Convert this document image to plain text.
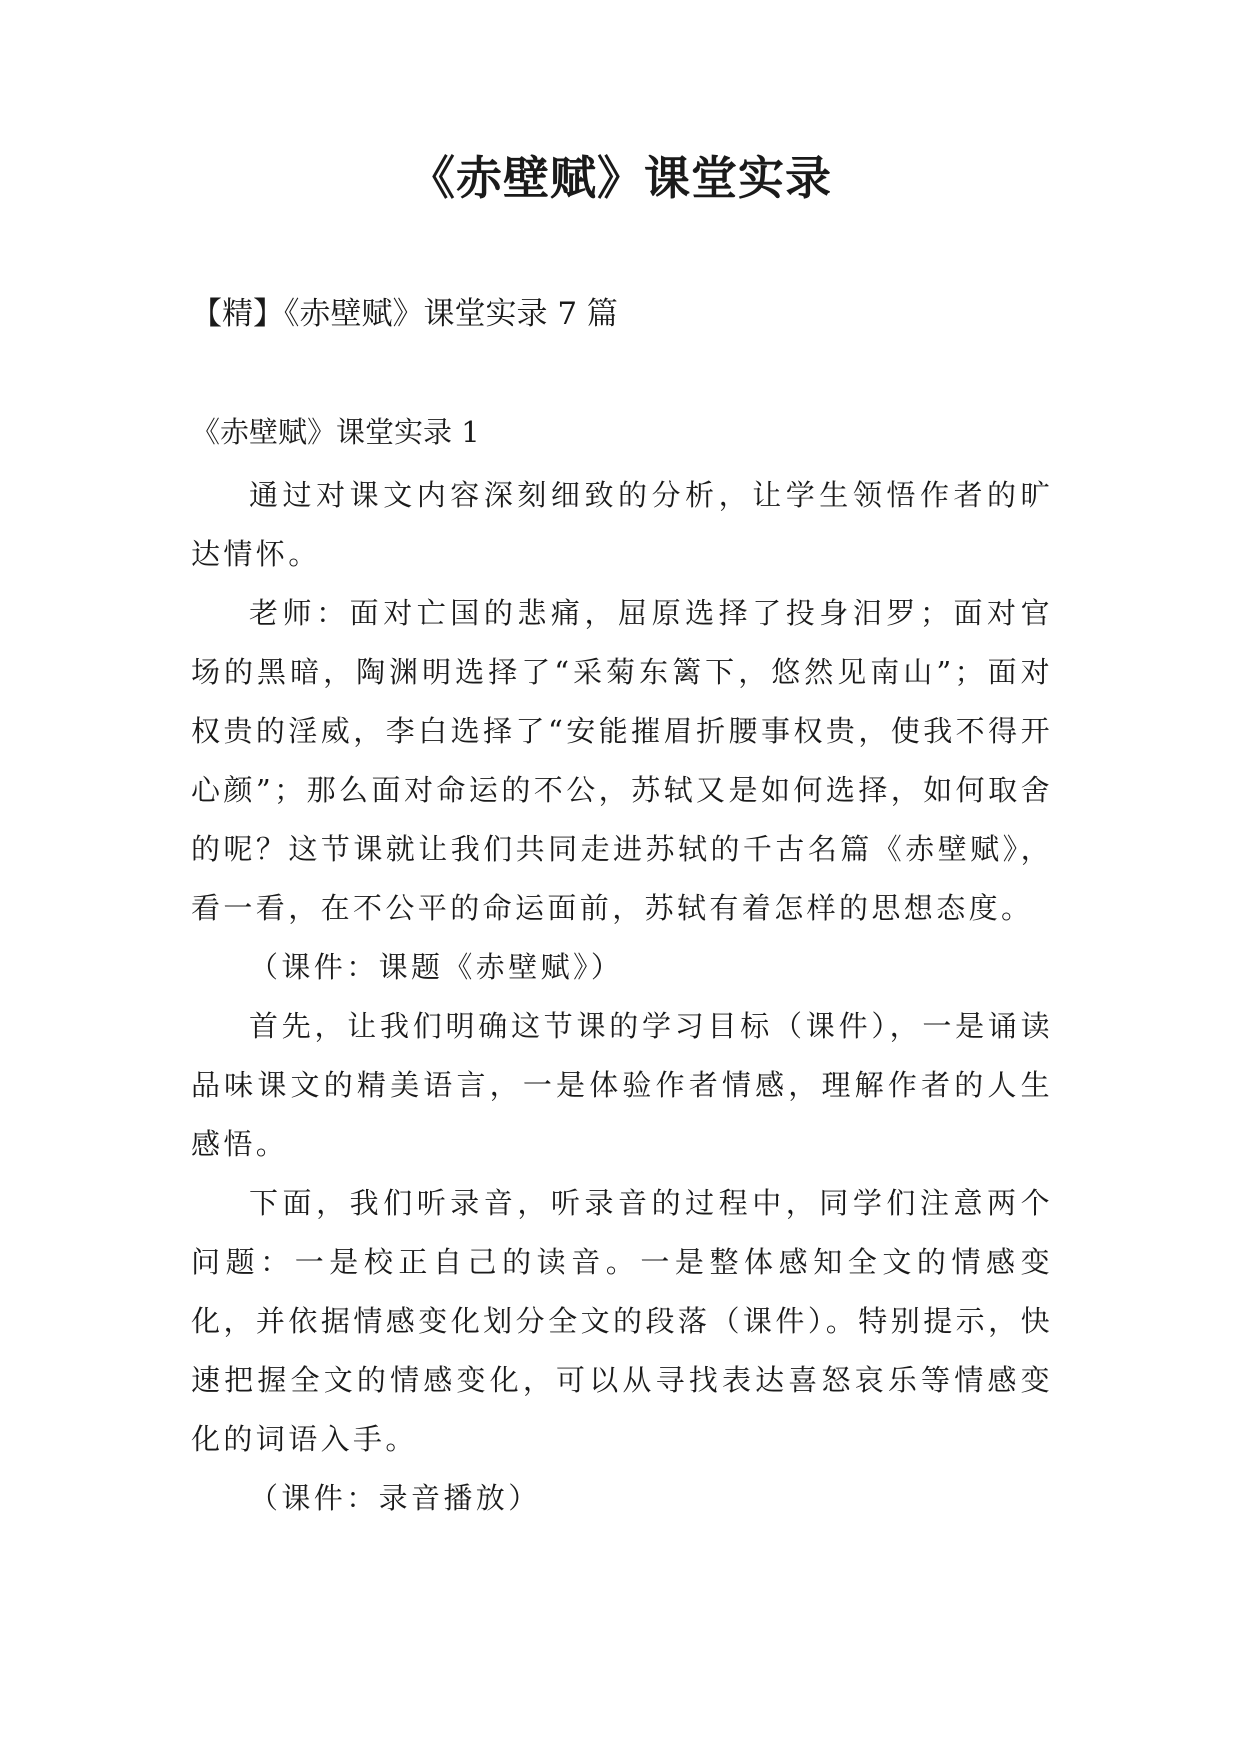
《赤壁赋》课堂实录
【精】《赤壁赋》课堂实录 7 篇
《赤壁赋》课堂实录 1

通过对课文内容深刻细致的分析，让学生领悟作者的旷达情怀。

老师：面对亡国的悲痛，屈原选择了投身汨罗；面对官场的黑暗，陶渊明选择了“采菊东篱下，悠然见南山”；面对权贵的淫威，李白选择了“安能摧眉折腰事权贵，使我不得开心颜”；那么面对命运的不公，苏轼又是如何选择，如何取舍的呢？这节课就让我们共同走进苏轼的千古名篇《赤壁赋》，看一看，在不公平的命运面前，苏轼有着怎样的思想态度。

（课件：课题《赤壁赋》）

首先，让我们明确这节课的学习目标（课件），一是诵读品味课文的精美语言，一是体验作者情感，理解作者的人生感悟。

下面，我们听录音，听录音的过程中，同学们注意两个问题：一是校正自己的读音。一是整体感知全文的情感变化，并依据情感变化划分全文的段落（课件）。特别提示，快速把握全文的情感变化，可以从寻找表达喜怒哀乐等情感变化的词语入手。

（课件：录音播放）
